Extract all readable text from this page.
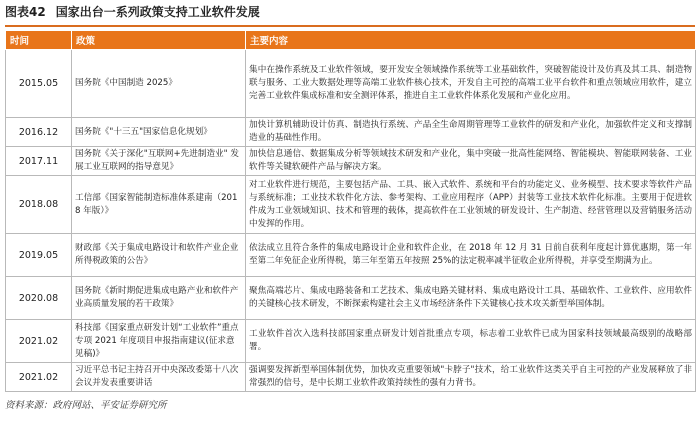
图表42 国家出台一系列政策支持工业软件发展
时间	政策	主要内容
2015.05	国务院《中国制造 2025》	集中在操作系统及工业软件领域，要开发安全领域操作系统等工业基础软件，突破智能设计及仿真及其工具、制造物联与服务、工业大数据处理等高端工业软件核心技术，开发自主可控的高端工业平台软件和重点领域应用软件，建立完善工业软件集成标准和安全测评体系，推进自主工业软件体系化发展和产业化应用。
2016.12	国务院《"十三五"国家信息化规划》	加快计算机辅助设计仿真、制造执行系统、产品全生命周期管理等工业软件的研发和产业化，加强软件定义和支撑制造业的基础性作用。
2017.11	国务院《关于深化"互联网+先进制造业" 发展工业互联网的指导意见》	加快信息通信、数据集成分析等领域技术研发和产业化，集中突破一批高性能网络、智能模块、智能联网装备、工业软件等关键软硬件产品与解决方案。
2018.08	工信部《国家智能制造标准体系建南（2018 年版）》	对工业软件进行规范，主要包括产品、工具、嵌入式软件、系统和平台的功能定义、业务模型、技术要求等软件产品与系统标准；工业技术软件化方法、参考架构、工业应用程序（APP）封装等工业技术软件化标准。主要用于促进软件成为工业领域知识、技术和管理的载体，提高软件在工业领域的研发设计、生产制造、经营管理以及营销服务活动中发挥的作用。
2019.05	财政部《关于集成电路设计和软件产业企业所得税政策的公告》	依法成立且符合条件的集成电路设计企业和软件企业，在 2018 年 12 月 31 日前自获利年度起计算优惠期，第一年至第二年免征企业所得税，第三年至第五年按照 25%的法定税率减半征收企业所得税，并享受至期满为止。
2020.08	国务院《新时期促进集成电路产业和软件产业高质量发展的若干政策》	聚焦高端芯片、集成电路装备和工艺技术、集成电路关键材料、集成电路设计工具、基础软件、工业软件、应用软件的关键核心技术研发，不断探索构建社会主义市场经济条件下关键核心技术攻关新型举国体制。
2021.02	科技部《国家重点研发计划“工业软件”重点专项 2021 年度项目申报指南建议(征求意见稿)》	工业软件首次入选科技部国家重点研发计划首批重点专项，标志着工业软件已成为国家科技领域最高级别的战略部署。
2021.02	习近平总书记主持召开中央深改委第十八次会议并发表重要讲话	强调要发挥新型举国体制优势，加快攻克重要领域"卡脖子"技术，给工业软件这类关乎自主可控的产业发展释放了非常强烈的信号，是中长期工业软件政策持续性的强有力背书。
资料来源：政府网站、平安证券研究所
